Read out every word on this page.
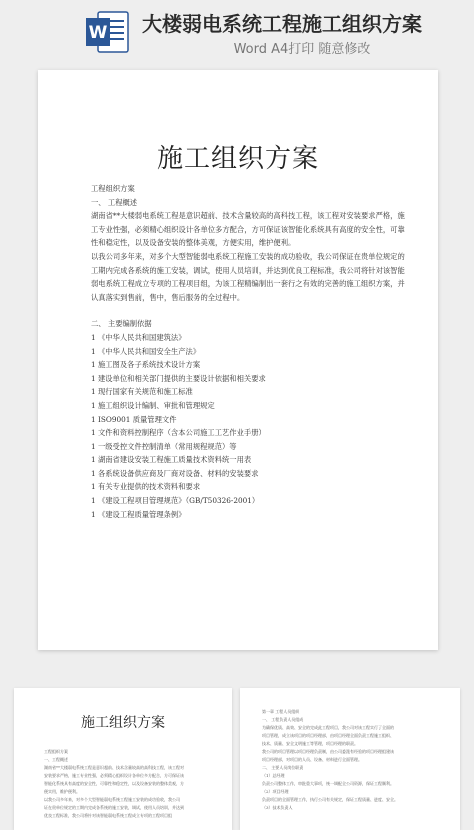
W 大楼弱电系统工程施工组织方案
Word A4打印 随意修改
施工组织方案

工程组织方案

一、 工程概述

湖南省**大楼弱电系统工程是意识超前、技术含量较高的高科技工程，该工程对安装要求严格，施工专业性强，必须精心组织设计各单位多方配合，方可保证该智能化系统具有高度的安全性，可靠性和稳定性，以及设备安装的整体美观，方便实用，维护便利。

以我公司多年来，对多个大型智能弱电系统工程施工安装的成功验收，我公司保证在贵单位规定的工期内完成各系统的施工安装，调试，使用人员培训，并达到优良工程标准，我公司将针对该智能弱电系统工程成立专项的工程项目组，为该工程精编制出一套行之有效的完善的施工组织方案，并认真落实到售前，售中，售后服务的全过程中。

二、 主要编制依据

1 《中华人民共和国建筑法》

1 《中华人民共和国安全生产法》

1 施工图及各子系统技术设计方案

1 建设单位和相关部门提供的主要设计依据和相关要求

1 现行国家有关规范和施工标准

1 施工组织设计编制、审批和管理规定

1 ISO9001 质量管理文件

1 文件和资料控制程序（含本公司施工工艺作业手册）

1 一级受控文件控制清单（常用规程规范）等

1 湖南省建设安装工程施工质量技术资料统一用表

1 各系统设备供应商及厂商对设备、材料的安装要求

1 有关专业提供的技术资料和要求

1 《建设工程项目管理规范》（GB/T50326-2001）

1 《建设工程质量管理条例》

施工组织方案
工程组织方案
一、工程概述
湖南省**大楼弱电系统工程是意识超前、技术含量较高的高科技工程，该工程对
安装要求严格，施工专业性强，必须精心组织设计各单位多方配合，方可保证该
智能化系统具有高度的安全性，可靠性和稳定性，以及设备安装的整体美观，方
便实用，维护便利。
以我公司多年来，对多个大型智能弱电系统工程施工安装的成功验收，我公司
证在贵单位规定的工期内完成各系统的施工安装，调试，使用人员培训，并达到
优良工程标准，我公司将针对该智能弱电系统工程成立专项的工程项目组
第一章 工程人员组织
一、 工程负责人员组成
为确保优质、高效、安全的完成此工程项目，我公司对该工程实行了全面的
项目管理，成立该项目的项目经理部，由项目经理全面负责工程施工组织、
技术、质量、安全文明施工等管理，项目经理的职责。
我公司的项目管理以项目经理负责制，由公司委派有经验的项目经理组建该
项目经理部，对项目的人员、设备、材料进行全面管理。
二、 主要人员岗位职责
（1）总经理
负责公司整体工作，审批重大事项，统一调配全公司资源，保证工程顺利。
（2）项目经理
负责项目的全面管理工作，执行公司有关规定，保证工程质量、进度、安全。
（3）技术负责人
